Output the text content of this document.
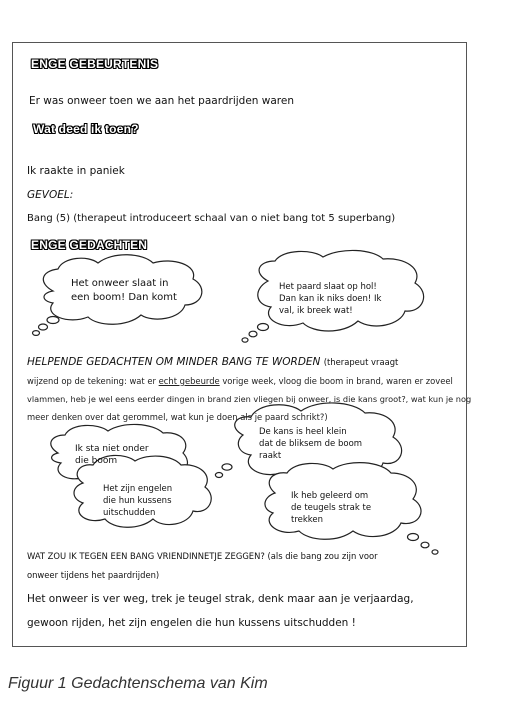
ENGE GEBEURTENIS
Er was onweer toen we aan het paardrijden waren
Wat deed ik toen?
Ik raakte in paniek
GEVOEL:
Bang (5) (therapeut introduceert schaal van o niet bang tot 5 superbang)
ENGE GEDACHTEN
Het onweer slaat in
een boom! Dan komt
Het paard slaat op hol!
Dan kan ik niks doen! Ik
val, ik breek wat!
HELPENDE GEDACHTEN OM MINDER BANG TE WORDEN (therapeut vraagt
wijzend op de tekening: wat er echt gebeurde vorige week, vloog die boom in brand, waren er zoveel
vlammen, heb je wel eens eerder dingen in brand zien vliegen bij onweer, is die kans groot?, wat kun je nog
meer denken over dat gerommel, wat kun je doen als je paard schrikt?)
Ik sta niet onder
die boom
De kans is heel klein
dat de bliksem de boom
raakt
Het zijn engelen
die hun kussens
uitschudden
Ik heb geleerd om
de teugels strak te
trekken
WAT ZOU IK TEGEN EEN BANG VRIENDINNETJE ZEGGEN? (als die bang zou zijn voor
onweer tijdens het paardrijden)
Het onweer is ver weg, trek je teugel strak, denk maar aan je verjaardag,
gewoon rijden, het zijn engelen die hun kussens uitschudden !
Figuur 1 Gedachtenschema van Kim
